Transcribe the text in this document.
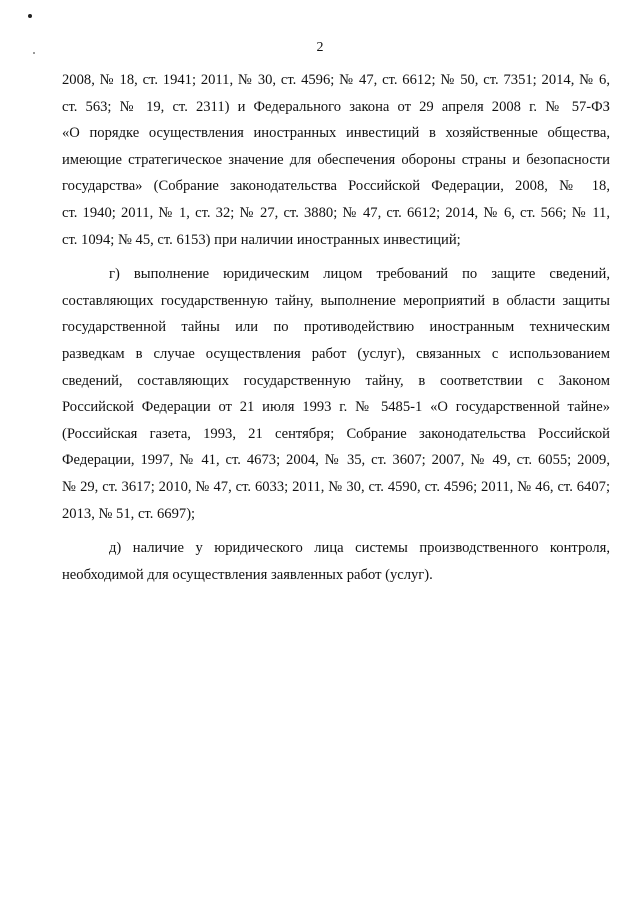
2
2008, № 18, ст. 1941; 2011, № 30, ст. 4596; № 47, ст. 6612; № 50, ст. 7351; 2014, № 6,
ст. 563; № 19, ст. 2311) и Федерального закона от 29 апреля 2008 г. № 57-ФЗ
«О порядке осуществления иностранных инвестиций в хозяйственные общества,
имеющие стратегическое значение для обеспечения обороны страны и безопасности
государства» (Собрание законодательства Российской Федерации, 2008, № 18,
ст. 1940; 2011, № 1, ст. 32; № 27, ст. 3880; № 47, ст. 6612; 2014, № 6, ст. 566; № 11,
ст. 1094; № 45, ст. 6153) при наличии иностранных инвестиций;
г) выполнение юридическим лицом требований по защите сведений,
составляющих государственную тайну, выполнение мероприятий в области защиты
государственной тайны или по противодействию иностранным техническим
разведкам в случае осуществления работ (услуг), связанных с использованием
сведений, составляющих государственную тайну, в соответствии с Законом
Российской Федерации от 21 июля 1993 г. № 5485-1 «О государственной тайне»
(Российская газета, 1993, 21 сентября; Собрание законодательства Российской
Федерации, 1997, № 41, ст. 4673; 2004, № 35, ст. 3607; 2007, № 49, ст. 6055; 2009,
№ 29, ст. 3617; 2010, № 47, ст. 6033; 2011, № 30, ст. 4590, ст. 4596; 2011, № 46, ст. 6407;
2013, № 51, ст. 6697);
д) наличие у юридического лица системы производственного контроля,
необходимой для осуществления заявленных работ (услуг).
